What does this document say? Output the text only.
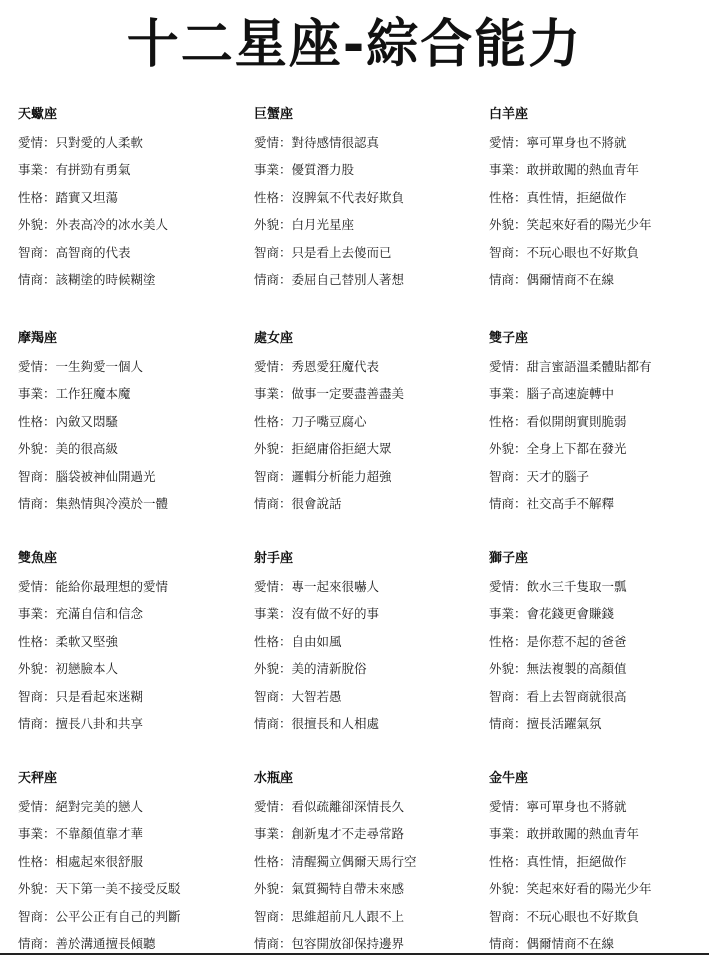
十二星座-綜合能力
天蠍座
愛情：只對愛的人柔軟
事業：有拼勁有勇氣
性格：踏實又坦蕩
外貌：外表高冷的冰水美人
智商：高智商的代表
情商：該糊塗的時候糊塗
巨蟹座
愛情：對待感情很認真
事業：優質潛力股
性格：沒脾氣不代表好欺負
外貌：白月光星座
智商：只是看上去傻而已
情商：委屈自己替別人著想
白羊座
愛情：寧可單身也不將就
事業：敢拼敢闖的熱血青年
性格：真性情，拒絕做作
外貌：笑起來好看的陽光少年
智商：不玩心眼也不好欺負
情商：偶爾情商不在線
摩羯座
愛情：一生夠愛一個人
事業：工作狂魔本魔
性格：內斂又悶騷
外貌：美的很高級
智商：腦袋被神仙開過光
情商：集熱情與冷漠於一體
處女座
愛情：秀恩愛狂魔代表
事業：做事一定要盡善盡美
性格：刀子嘴豆腐心
外貌：拒絕庸俗拒絕大眾
智商：邏輯分析能力超強
情商：很會說話
雙子座
愛情：甜言蜜語溫柔體貼都有
事業：腦子高速旋轉中
性格：看似開朗實則脆弱
外貌：全身上下都在發光
智商：天才的腦子
情商：社交高手不解釋
雙魚座
愛情：能給你最理想的愛情
事業：充滿自信和信念
性格：柔軟又堅強
外貌：初戀臉本人
智商：只是看起來迷糊
情商：擅長八卦和共享
射手座
愛情：專一起來很嚇人
事業：沒有做不好的事
性格：自由如風
外貌：美的清新脫俗
智商：大智若愚
情商：很擅長和人相處
獅子座
愛情：飲水三千隻取一瓢
事業：會花錢更會賺錢
性格：是你惹不起的爸爸
外貌：無法複製的高顏值
智商：看上去智商就很高
情商：擅長活躍氣氛
天秤座
愛情：絕對完美的戀人
事業：不靠顏值靠才華
性格：相處起來很舒服
外貌：天下第一美不接受反駁
智商：公平公正有自己的判斷
情商：善於溝通擅長傾聽
水瓶座
愛情：看似疏離卻深情長久
事業：創新鬼才不走尋常路
性格：清醒獨立偶爾天馬行空
外貌：氣質獨特自帶未來感
智商：思維超前凡人跟不上
情商：包容開放卻保持邊界
金牛座
愛情：寧可單身也不將就
事業：敢拼敢闖的熱血青年
性格：真性情，拒絕做作
外貌：笑起來好看的陽光少年
智商：不玩心眼也不好欺負
情商：偶爾情商不在線
